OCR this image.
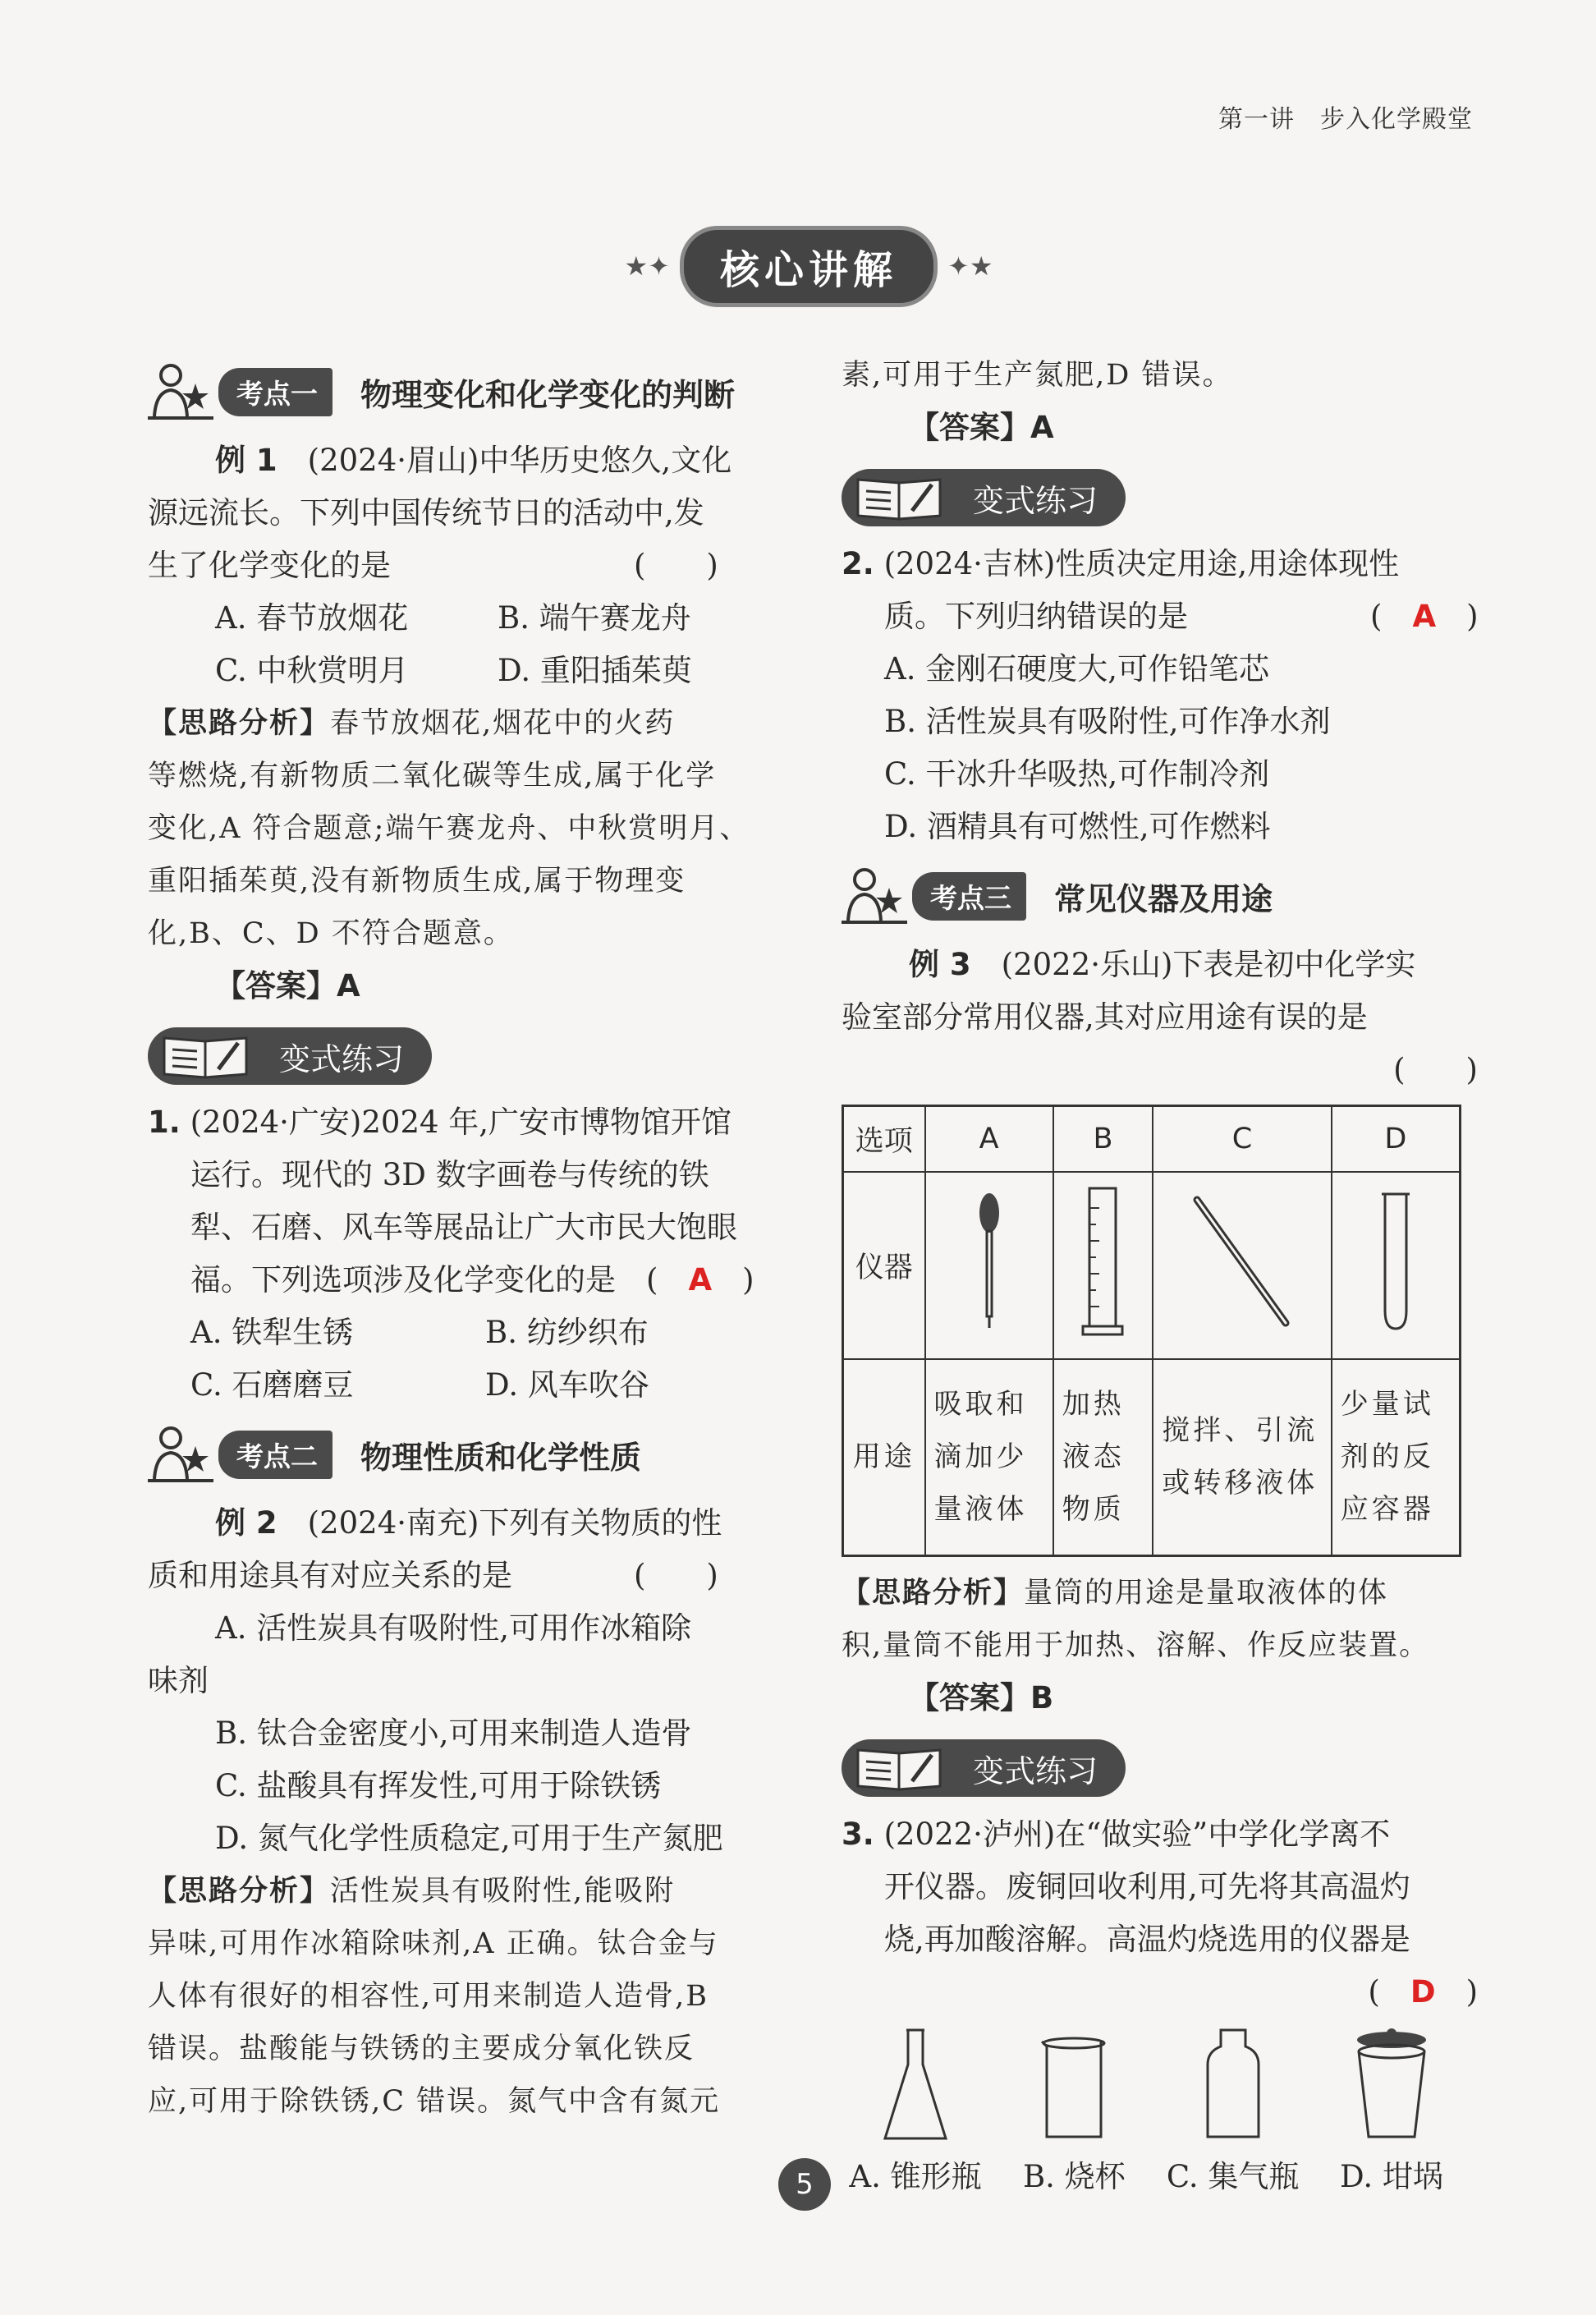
第一讲　步入化学殿堂
★✦	核心讲解	✦★
考点一	物理变化和化学变化的判断
例 1　 (2024·眉山)中华历史悠久,文化
源远流长。下列中国传统节日的活动中,发
生了化学变化的是　　　　　　　　(　　)
A. 春节放烟花	B. 端午赛龙舟
C. 中秋赏明月	D. 重阳插茱萸
【思路分析】春节放烟花,烟花中的火药
等燃烧,有新物质二氧化碳等生成,属于化学
变化,A 符合题意;端午赛龙舟、中秋赏明月、
重阳插茱萸,没有新物质生成,属于物理变
化,B、C、D 不符合题意。
【答案】A
变式练习
1. (2024·广安)2024 年,广安市博物馆开馆
运行。现代的 3D 数字画卷与传统的铁
犁、石磨、风车等展品让广大市民大饱眼
福。下列选项涉及化学变化的是　(　 A　 )
A. 铁犁生锈	B. 纺纱织布
C. 石磨磨豆	D. 风车吹谷
考点二	物理性质和化学性质
例 2　 (2024·南充)下列有关物质的性
质和用途具有对应关系的是　　　　(　　)
A. 活性炭具有吸附性,可用作冰箱除
味剂
B. 钛合金密度小,可用来制造人造骨
C. 盐酸具有挥发性,可用于除铁锈
D. 氮气化学性质稳定,可用于生产氮肥
【思路分析】活性炭具有吸附性,能吸附
异味,可用作冰箱除味剂,A 正确。钛合金与
人体有很好的相容性,可用来制造人造骨,B
错误。盐酸能与铁锈的主要成分氧化铁反
应,可用于除铁锈,C 错误。氮气中含有氮元
素,可用于生产氮肥,D 错误。
【答案】A
变式练习
2. (2024·吉林)性质决定用途,用途体现性
质。下列归纳错误的是　　　　　　(　 A　 )
A. 金刚石硬度大,可作铅笔芯
B. 活性炭具有吸附性,可作净水剂
C. 干冰升华吸热,可作制冷剂
D. 酒精具有可燃性,可作燃料
考点三	常见仪器及用途
例 3　 (2022·乐山)下表是初中化学实
验室部分常用仪器,其对应用途有误的是
(　　)
选项	A	B	C	D
仪器				
用途	吸取和滴加少量液体	加热液态物质	搅拌、引流或转移液体	少量试剂的反应容器
【思路分析】量筒的用途是量取液体的体
积,量筒不能用于加热、溶解、作反应装置。
【答案】B
变式练习
3. (2022·泸州)在“做实验”中学化学离不
开仪器。废铜回收利用,可先将其高温灼
烧,再加酸溶解。高温灼烧选用的仪器是
(　 D　 )
A. 锥形瓶 B. 烧杯 C. 集气瓶 D. 坩埚
5
